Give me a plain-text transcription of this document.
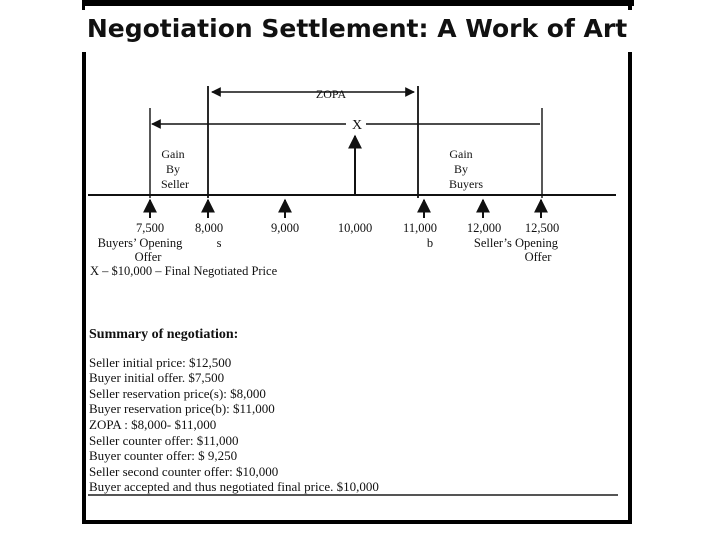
Negotiation Settlement: A Work of Art
ZOPA
X
Gain
By
Seller
Gain
By
Buyers
7,500 8,000	9,000	10,000 11,000 12,000 12,500
Buyers’ Opening
Offer
s	b	Seller’s Opening
Offer
X – $10,000 – Final Negotiated Price
Summary of negotiation:
Seller initial price: $12,500
Buyer initial offer. $7,500
Seller reservation price(s): $8,000
Buyer reservation price(b): $11,000
ZOPA : $8,000- $11,000
Seller counter offer: $11,000
Buyer counter offer: $ 9,250
Seller second counter offer: $10,000
Buyer accepted and thus negotiated final price. $10,000
